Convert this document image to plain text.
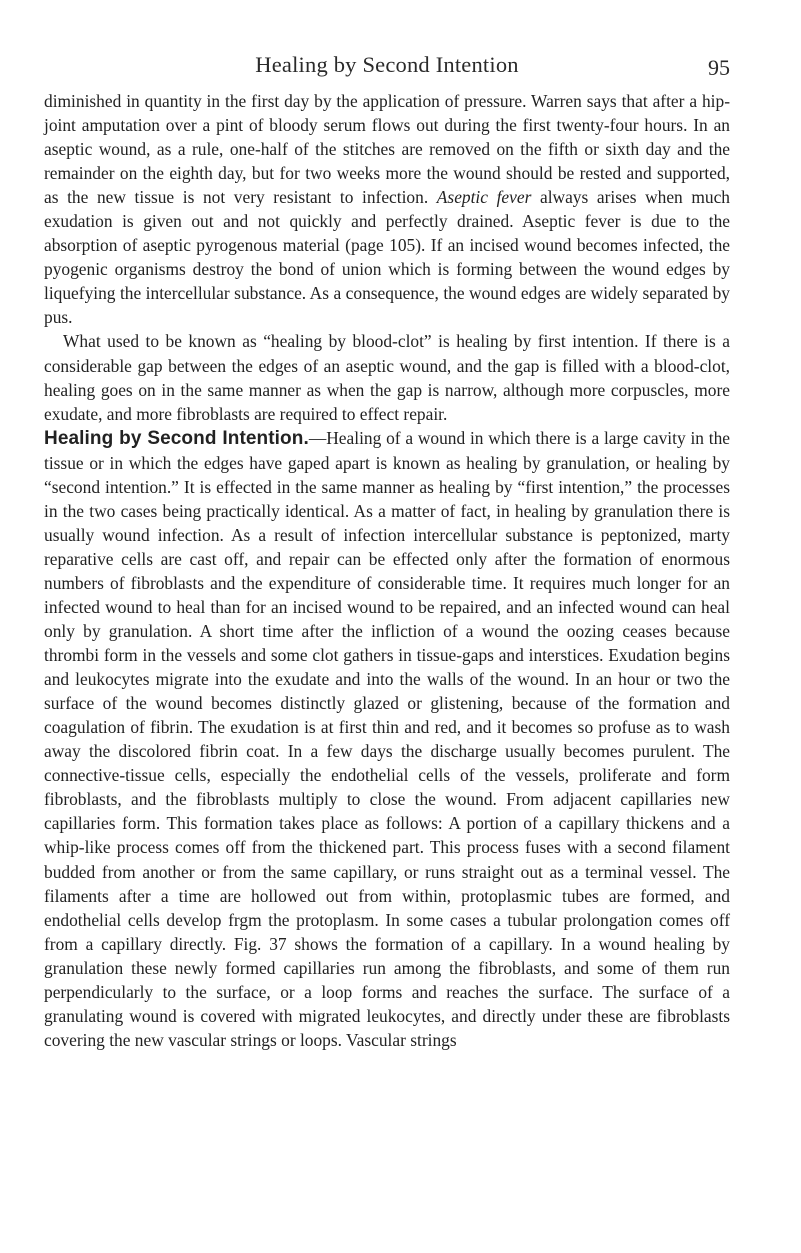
Healing by Second Intention	95

diminished in quantity in the first day by the application of pressure. Warren says that after a hip-joint amputation over a pint of bloody serum flows out during the first twenty-four hours. In an aseptic wound, as a rule, one-half of the stitches are removed on the fifth or sixth day and the remainder on the eighth day, but for two weeks more the wound should be rested and supported, as the new tissue is not very resistant to infection. Aseptic fever always arises when much exudation is given out and not quickly and perfectly drained. Aseptic fever is due to the absorption of aseptic pyrogenous material (page 105). If an incised wound becomes infected, the pyogenic organisms destroy the bond of union which is forming between the wound edges by liquefying the intercellular substance. As a consequence, the wound edges are widely separated by pus.

What used to be known as “healing by blood-clot” is healing by first intention. If there is a considerable gap between the edges of an aseptic wound, and the gap is filled with a blood-clot, healing goes on in the same manner as when the gap is narrow, although more corpuscles, more exudate, and more fibroblasts are required to effect repair.

Healing by Second Intention.—Healing of a wound in which there is a large cavity in the tissue or in which the edges have gaped apart is known as healing by granulation, or healing by “second intention.” It is effected in the same manner as healing by “first intention,” the processes in the two cases being practically identical. As a matter of fact, in healing by granulation there is usually wound infection. As a result of infection intercellular substance is peptonized, marty reparative cells are cast off, and repair can be effected only after the formation of enormous numbers of fibroblasts and the expenditure of considerable time. It requires much longer for an infected wound to heal than for an incised wound to be repaired, and an infected wound can heal only by granulation. A short time after the infliction of a wound the oozing ceases because thrombi form in the vessels and some clot gathers in tissue-gaps and interstices. Exudation begins and leukocytes migrate into the exudate and into the walls of the wound. In an hour or two the surface of the wound becomes distinctly glazed or glistening, because of the formation and coagulation of fibrin. The exudation is at first thin and red, and it becomes so profuse as to wash away the discolored fibrin coat. In a few days the discharge usually becomes purulent. The connective-tissue cells, especially the endothelial cells of the vessels, proliferate and form fibroblasts, and the fibroblasts multiply to close the wound. From adjacent capillaries new capillaries form. This formation takes place as follows: A portion of a capillary thickens and a whip-like process comes off from the thickened part. This process fuses with a second filament budded from another or from the same capillary, or runs straight out as a terminal vessel. The filaments after a time are hollowed out from within, protoplasmic tubes are formed, and endothelial cells develop frgm the protoplasm. In some cases a tubular prolongation comes off from a capillary directly. Fig. 37 shows the formation of a capillary. In a wound healing by granulation these newly formed capillaries run among the fibroblasts, and some of them run perpendicularly to the surface, or a loop forms and reaches the surface. The surface of a granulating wound is covered with migrated leukocytes, and directly under these are fibroblasts covering the new vascular strings or loops. Vascular strings
